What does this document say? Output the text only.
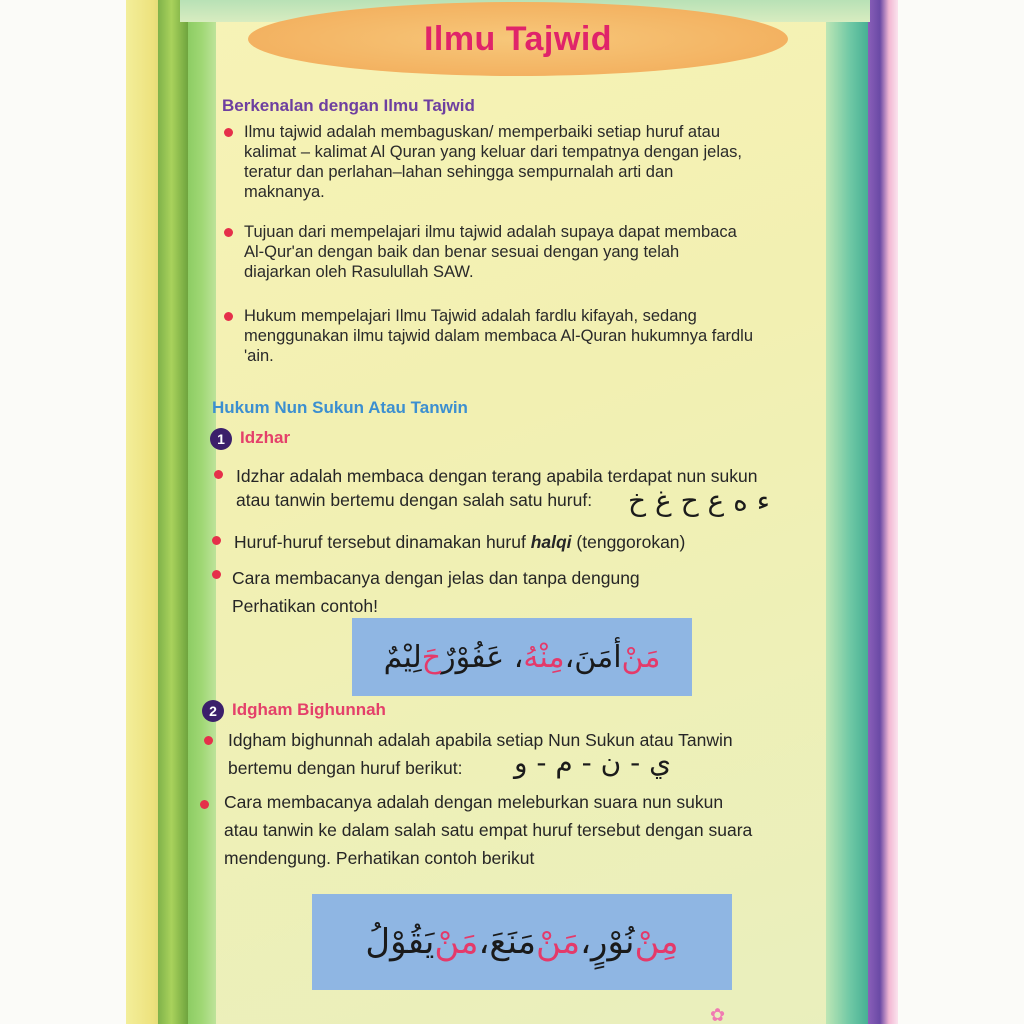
Ilmu Tajwid
Berkenalan dengan Ilmu Tajwid
Ilmu tajwid adalah membaguskan/ memperbaiki setiap huruf atau
kalimat – kalimat Al Quran yang keluar dari tempatnya dengan jelas,
teratur dan perlahan–lahan sehingga sempurnalah arti dan
maknanya.
Tujuan dari mempelajari ilmu tajwid adalah supaya dapat membaca
Al-Qur'an dengan baik dan benar sesuai dengan yang telah
diajarkan oleh Rasulullah SAW.
Hukum mempelajari Ilmu Tajwid adalah fardlu kifayah, sedang
menggunakan ilmu tajwid dalam membaca Al-Quran hukumnya fardlu
'ain.
Hukum Nun Sukun Atau Tanwin
1 Idzhar
Idzhar adalah membaca dengan terang apabila terdapat nun sukun
atau tanwin bertemu dengan salah satu huruf:	ء ه ع ح غ خ
Huruf-huruf tersebut dinamakan huruf halqi (tenggorokan)
Cara membacanya dengan jelas dan tanpa dengung
Perhatikan contoh!
مَنْ
أمَنَ،
مِنْهُ
، عَفُوْرٌ
حَ
لِيْمٌ
2 Idgham Bighunnah
Idgham bighunnah adalah apabila setiap Nun Sukun atau Tanwin
bertemu dengan huruf berikut:	ي - ن - م - و
Cara membacanya adalah dengan meleburkan suara nun sukun
atau tanwin ke dalam salah satu empat huruf tersebut dengan suara
mendengung. Perhatikan contoh berikut
مِنْ
نُوْرٍ،
مَنْ
مَنَعَ،
مَنْ
يَقُوْلُ
✿
